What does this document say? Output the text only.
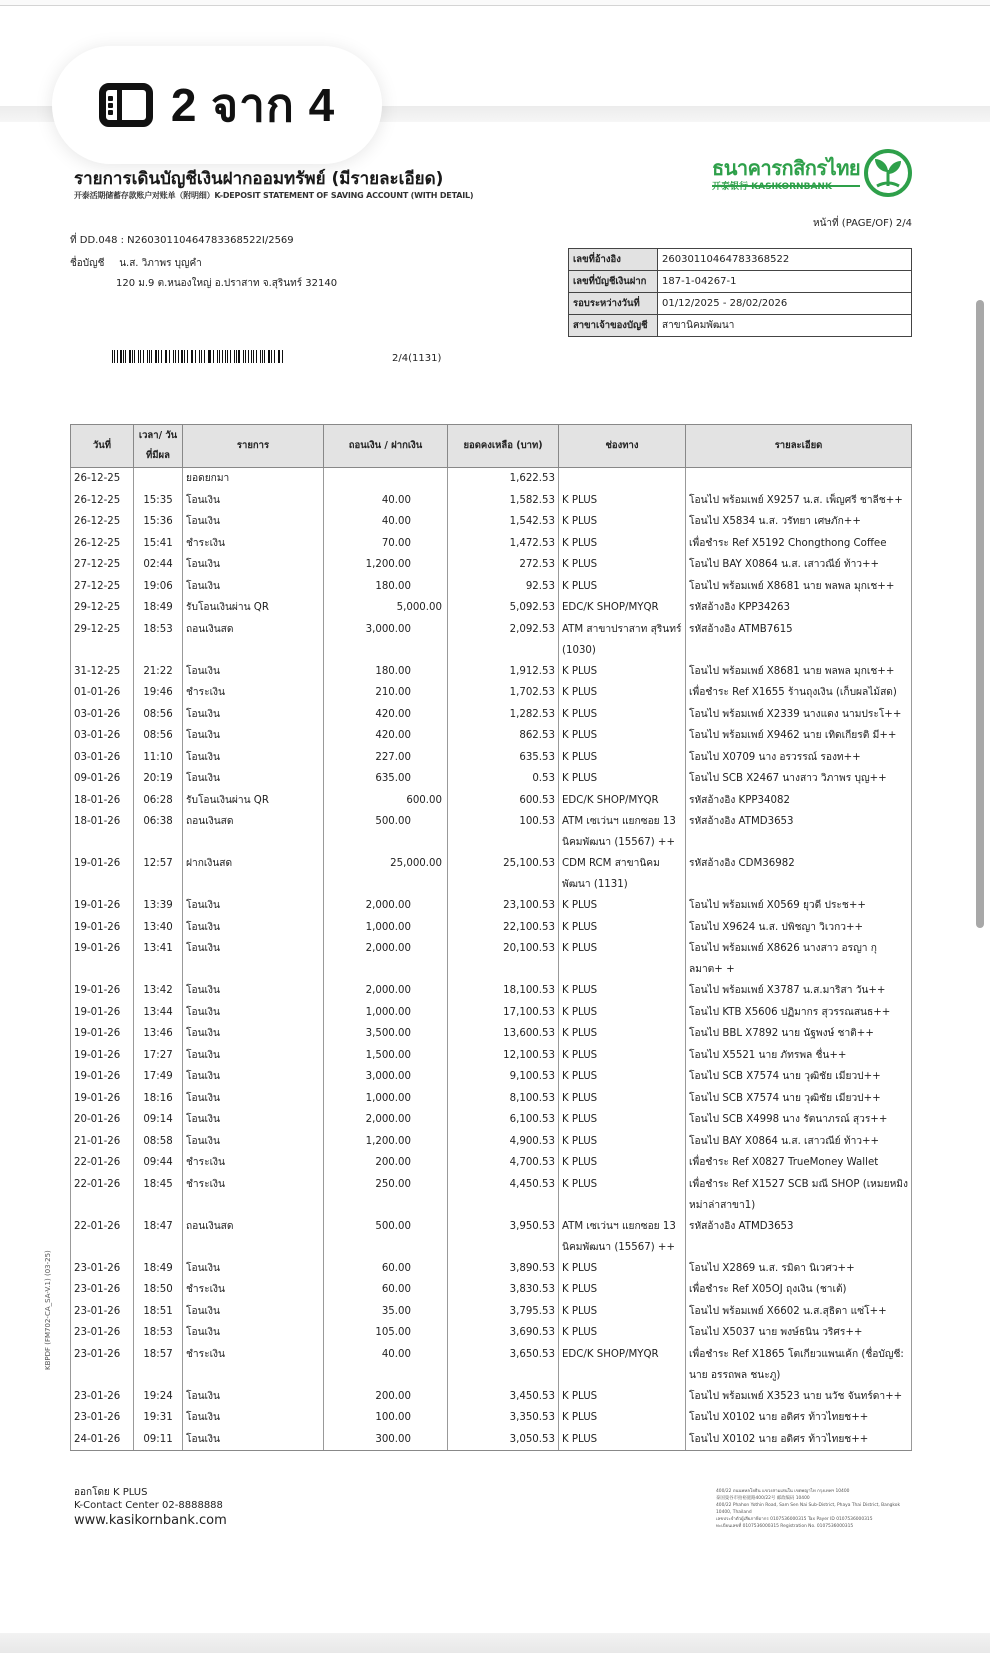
2 จาก 4
รายการเดินบัญชีเงินฝากออมทรัพย์ (มีรายละเอียด)
开泰活期储蓄存款账户对账单（附明细）K-DEPOSIT STATEMENT OF SAVING ACCOUNT (WITH DETAIL)
ธนาคารกสิกรไทย
开泰银行 KASIKORNBANK
หน้าที่ (PAGE/OF) 2/4
ที่ DD.048 : N26030110464783368522I/2569
ชื่อบัญชี น.ส. วิภาพร บุญคำ
120 ม.9 ต.หนองใหญ่ อ.ปราสาท จ.สุรินทร์ 32140
เลขที่อ้างอิง	26030110464783368522
เลขที่บัญชีเงินฝาก	187-1-04267-1
รอบระหว่างวันที่	01/12/2025 - 28/02/2026
สาขาเจ้าของบัญชี	สาขานิคมพัฒนา
2/4(1131)
วันที่	เวลา/ วันที่มีผล	รายการ	ถอนเงิน / ฝากเงิน	ยอดคงเหลือ (บาท)	ช่องทาง	รายละเอียด
26-12-25		ยอดยกมา		1,622.53		
26-12-25	15:35	โอนเงิน	40.00	1,582.53	K PLUS	โอนไป พร้อมเพย์ X9257 น.ส. เพ็ญศรี ชาลีช++
26-12-25	15:36	โอนเงิน	40.00	1,542.53	K PLUS	โอนไป X5834 น.ส. วรัทยา เศษภัก++
26-12-25	15:41	ชำระเงิน	70.00	1,472.53	K PLUS	เพื่อชำระ Ref X5192 Chongthong Coffee
27-12-25	02:44	โอนเงิน	1,200.00	272.53	K PLUS	โอนไป BAY X0864 น.ส. เสาวณีย์ ท้าว++
27-12-25	19:06	โอนเงิน	180.00	92.53	K PLUS	โอนไป พร้อมเพย์ X8681 นาย พลพล มุกเช++
29-12-25	18:49	รับโอนเงินผ่าน QR	5,000.00	5,092.53	EDC/K SHOP/MYQR	รหัสอ้างอิง KPP34263
29-12-25	18:53	ถอนเงินสด	3,000.00	2,092.53	ATM สาขาปราสาท สุรินทร์ (1030)	รหัสอ้างอิง ATMB7615
31-12-25	21:22	โอนเงิน	180.00	1,912.53	K PLUS	โอนไป พร้อมเพย์ X8681 นาย พลพล มุกเช++
01-01-26	19:46	ชำระเงิน	210.00	1,702.53	K PLUS	เพื่อชำระ Ref X1655 ร้านถุงเงิน (เก็บผลไม้สด)
03-01-26	08:56	โอนเงิน	420.00	1,282.53	K PLUS	โอนไป พร้อมเพย์ X2339 นางแดง นามประโ++
03-01-26	08:56	โอนเงิน	420.00	862.53	K PLUS	โอนไป พร้อมเพย์ X9462 นาย เทิดเกียรติ มี++
03-01-26	11:10	โอนเงิน	227.00	635.53	K PLUS	โอนไป X0709 นาง อรวรรณ์ รองท++
09-01-26	20:19	โอนเงิน	635.00	0.53	K PLUS	โอนไป SCB X2467 นางสาว วิภาพร บุญ++
18-01-26	06:28	รับโอนเงินผ่าน QR	600.00	600.53	EDC/K SHOP/MYQR	รหัสอ้างอิง KPP34082
18-01-26	06:38	ถอนเงินสด	500.00	100.53	ATM เซเว่นฯ แยกซอย 13 นิคมพัฒนา (15567) ++	รหัสอ้างอิง ATMD3653
19-01-26	12:57	ฝากเงินสด	25,000.00	25,100.53	CDM RCM สาขานิคม พัฒนา (1131)	รหัสอ้างอิง CDM36982
19-01-26	13:39	โอนเงิน	2,000.00	23,100.53	K PLUS	โอนไป พร้อมเพย์ X0569 ยุวดี ประช++
19-01-26	13:40	โอนเงิน	1,000.00	22,100.53	K PLUS	โอนไป X9624 น.ส. ปพิชญา วิเวกว++
19-01-26	13:41	โอนเงิน	2,000.00	20,100.53	K PLUS	โอนไป พร้อมเพย์ X8626 นางสาว อรญา กุลมาต+ +
19-01-26	13:42	โอนเงิน	2,000.00	18,100.53	K PLUS	โอนไป พร้อมเพย์ X3787 น.ส.มาริสา วัน++
19-01-26	13:44	โอนเงิน	1,000.00	17,100.53	K PLUS	โอนไป KTB X5606 ปฏิมากร สุวรรณสนธ++
19-01-26	13:46	โอนเงิน	3,500.00	13,600.53	K PLUS	โอนไป BBL X7892 นาย นัฐพงษ์ ชาติ++
19-01-26	17:27	โอนเงิน	1,500.00	12,100.53	K PLUS	โอนไป X5521 นาย ภัทรพล ชื่น++
19-01-26	17:49	โอนเงิน	3,000.00	9,100.53	K PLUS	โอนไป SCB X7574 นาย วุฒิชัย เมียวป++
19-01-26	18:16	โอนเงิน	1,000.00	8,100.53	K PLUS	โอนไป SCB X7574 นาย วุฒิชัย เมียวป++
20-01-26	09:14	โอนเงิน	2,000.00	6,100.53	K PLUS	โอนไป SCB X4998 นาง รัตนาภรณ์ สุวร++
21-01-26	08:58	โอนเงิน	1,200.00	4,900.53	K PLUS	โอนไป BAY X0864 น.ส. เสาวณีย์ ท้าว++
22-01-26	09:44	ชำระเงิน	200.00	4,700.53	K PLUS	เพื่อชำระ Ref X0827 TrueMoney Wallet
22-01-26	18:45	ชำระเงิน	250.00	4,450.53	K PLUS	เพื่อชำระ Ref X1527 SCB มณี SHOP (เหมยหมิง หม่าล่าสาขา1)
22-01-26	18:47	ถอนเงินสด	500.00	3,950.53	ATM เซเว่นฯ แยกซอย 13 นิคมพัฒนา (15567) ++	รหัสอ้างอิง ATMD3653
23-01-26	18:49	โอนเงิน	60.00	3,890.53	K PLUS	โอนไป X2869 น.ส. รมิดา นิเวศว++
23-01-26	18:50	ชำระเงิน	60.00	3,830.53	K PLUS	เพื่อชำระ Ref X05OJ ถุงเงิน (ชาเต้)
23-01-26	18:51	โอนเงิน	35.00	3,795.53	K PLUS	โอนไป พร้อมเพย์ X6602 น.ส.สุธิดา แซ่โ++
23-01-26	18:53	โอนเงิน	105.00	3,690.53	K PLUS	โอนไป X5037 นาย พงษ์ธนิน วริศร++
23-01-26	18:57	ชำระเงิน	40.00	3,650.53	EDC/K SHOP/MYQR	เพื่อชำระ Ref X1865 โตเกียวแพนเค้ก (ชื่อบัญชี: นาย อรรถพล ชนะภู)
23-01-26	19:24	โอนเงิน	200.00	3,450.53	K PLUS	โอนไป พร้อมเพย์ X3523 นาย นวัช จันทร์ดา++
23-01-26	19:31	โอนเงิน	100.00	3,350.53	K PLUS	โอนไป X0102 นาย อดิศร ท้าวไทยช++
24-01-26	09:11	โอนเงิน	300.00	3,050.53	K PLUS	โอนไป X0102 นาย อดิศร ท้าวไทยช++
KBPDF (FM702-CA_SA-V.1) (03-25)
ออกโดย K PLUS
K-Contact Center 02-8888888
www.kasikornbank.com
400/22 ถนนพหลโยธิน แขวงสามเสนใน เขตพญาไท กรุงเทพฯ 10400
泰国曼谷市拍裕庭路400/22号 邮政编码 10400
400/22 Phahon Yothin Road, Sam Sen Nai Sub-District, Phaya Thai District, Bangkok 10400, Thailand
เลขประจำตัวผู้เสียภาษีอากร 0107536000315 Tax Payer ID 0107536000315
ทะเบียนเลขที่ 0107536000315 Registration No. 0107536000315
